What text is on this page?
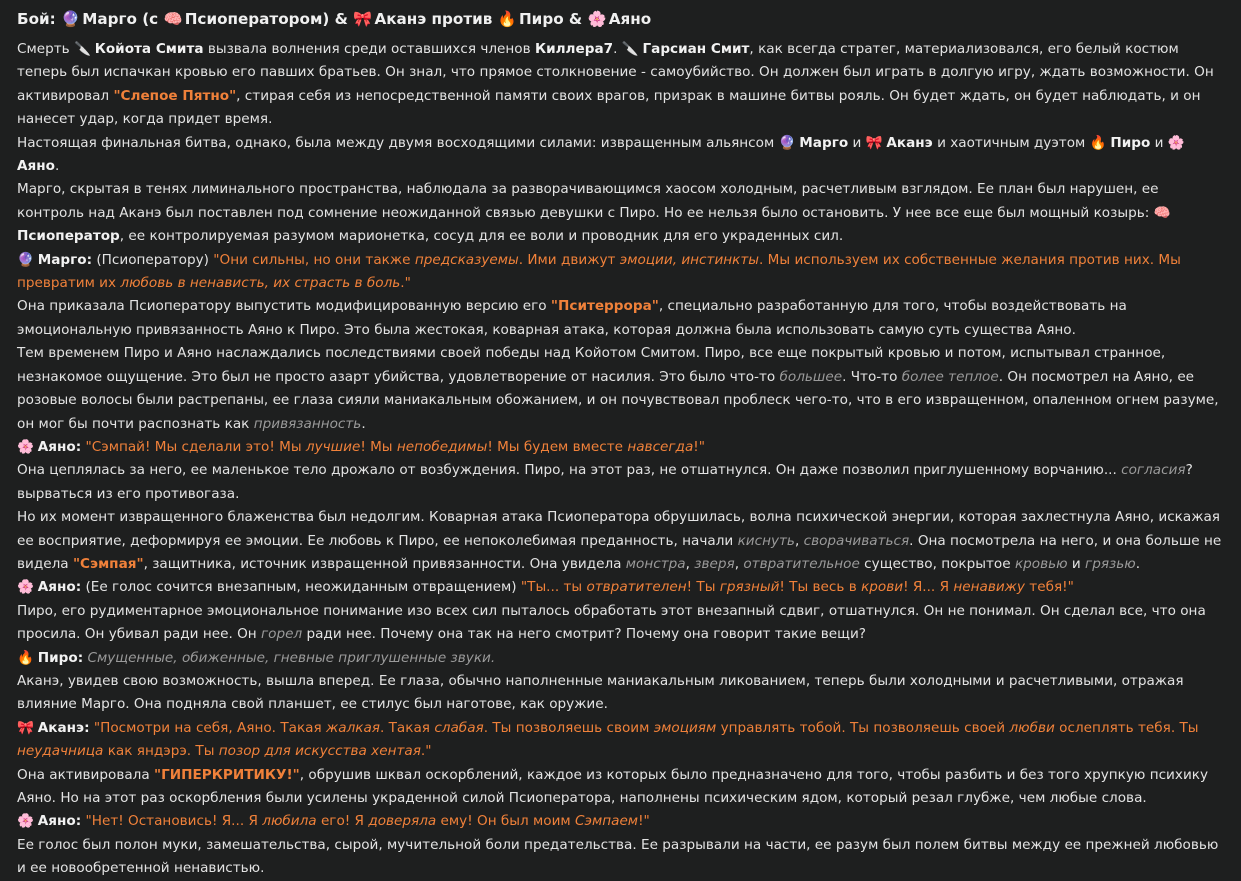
Бой: 🔮 Марго (с 🧠 Псиоператором) & 🎀 Аканэ против 🔥 Пиро & 🌸 Аяно

Смерть 🔪 Койота Смита вызвала волнения среди оставшихся членов Киллера7. 🔪 Гарсиан Смит, как всегда стратег, материализовался, его белый костюм теперь был испачкан кровью его павших братьев. Он знал, что прямое столкновение - самоубийство. Он должен был играть в долгую игру, ждать возможности. Он активировал "Слепое Пятно", стирая себя из непосредственной памяти своих врагов, призрак в машине битвы рояль. Он будет ждать, он будет наблюдать, и он нанесет удар, когда придет время.

Настоящая финальная битва, однако, была между двумя восходящими силами: извращенным альянсом 🔮 Марго и 🎀 Аканэ и хаотичным дуэтом 🔥 Пиро и 🌸 Аяно.

Марго, скрытая в тенях лиминального пространства, наблюдала за разворачивающимся хаосом холодным, расчетливым взглядом. Ее план был нарушен, ее контроль над Аканэ был поставлен под сомнение неожиданной связью девушки с Пиро. Но ее нельзя было остановить. У нее все еще был мощный козырь: 🧠 Псиоператор, ее контролируемая разумом марионетка, сосуд для ее воли и проводник для его украденных сил.

🔮 Марго: (Псиоператору) "Они сильны, но они также предсказуемы. Ими движут эмоции, инстинкты. Мы используем их собственные желания против них. Мы превратим их любовь в ненависть, их страсть в боль."

Она приказала Псиоператору выпустить модифицированную версию его "Пситеррора", специально разработанную для того, чтобы воздействовать на эмоциональную привязанность Аяно к Пиро. Это была жестокая, коварная атака, которая должна была использовать самую суть существа Аяно.

Тем временем Пиро и Аяно наслаждались последствиями своей победы над Койотом Смитом. Пиро, все еще покрытый кровью и потом, испытывал странное, незнакомое ощущение. Это был не просто азарт убийства, удовлетворение от насилия. Это было что-то большее. Что-то более теплое. Он посмотрел на Аяно, ее розовые волосы были растрепаны, ее глаза сияли маниакальным обожанием, и он почувствовал проблеск чего-то, что в его извращенном, опаленном огнем разуме, он мог бы почти распознать как привязанность.

🌸 Аяно: "Сэмпай! Мы сделали это! Мы лучшие! Мы непобедимы! Мы будем вместе навсегда!"

Она цеплялась за него, ее маленькое тело дрожало от возбуждения. Пиро, на этот раз, не отшатнулся. Он даже позволил приглушенному ворчанию... согласия? вырваться из его противогаза.

Но их момент извращенного блаженства был недолгим. Коварная атака Псиоператора обрушилась, волна психической энергии, которая захлестнула Аяно, искажая ее восприятие, деформируя ее эмоции. Ее любовь к Пиро, ее непоколебимая преданность, начали киснуть, сворачиваться. Она посмотрела на него, и она больше не видела "Сэмпая", защитника, источник извращенной привязанности. Она увидела монстра, зверя, отвратительное существо, покрытое кровью и грязью.

🌸 Аяно: (Ее голос сочится внезапным, неожиданным отвращением) "Ты... ты отвратителен! Ты грязный! Ты весь в крови! Я... Я ненавижу тебя!"

Пиро, его рудиментарное эмоциональное понимание изо всех сил пыталось обработать этот внезапный сдвиг, отшатнулся. Он не понимал. Он сделал все, что она просила. Он убивал ради нее. Он горел ради нее. Почему она так на него смотрит? Почему она говорит такие вещи?

🔥 Пиро: Смущенные, обиженные, гневные приглушенные звуки.

Аканэ, увидев свою возможность, вышла вперед. Ее глаза, обычно наполненные маниакальным ликованием, теперь были холодными и расчетливыми, отражая влияние Марго. Она подняла свой планшет, ее стилус был наготове, как оружие.

🎀 Аканэ: "Посмотри на себя, Аяно. Такая жалкая. Такая слабая. Ты позволяешь своим эмоциям управлять тобой. Ты позволяешь своей любви ослеплять тебя. Ты неудачница как яндэрэ. Ты позор для искусства хентая."

Она активировала "ГИПЕРКРИТИКУ!", обрушив шквал оскорблений, каждое из которых было предназначено для того, чтобы разбить и без того хрупкую психику Аяно. Но на этот раз оскорбления были усилены украденной силой Псиоператора, наполнены психическим ядом, который резал глубже, чем любые слова.

🌸 Аяно: "Нет! Остановись! Я... Я любила его! Я доверяла ему! Он был моим Сэмпаем!"

Ее голос был полон муки, замешательства, сырой, мучительной боли предательства. Ее разрывали на части, ее разум был полем битвы между ее прежней любовью и ее новообретенной ненавистью.
